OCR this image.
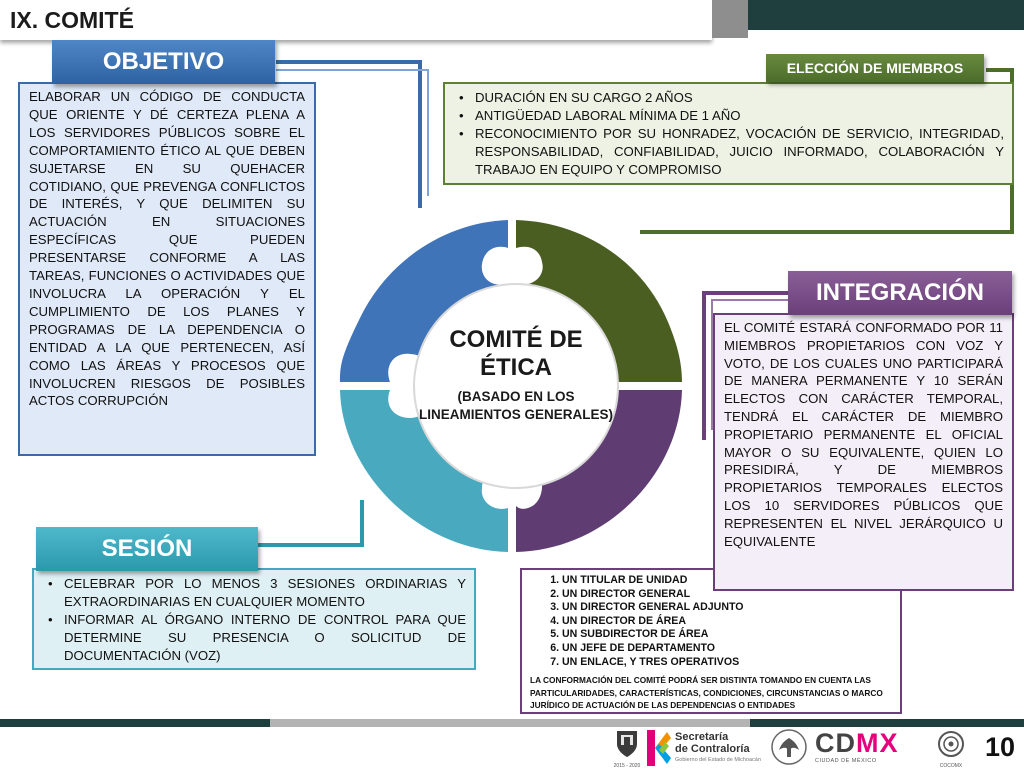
IX. COMITÉ
COMITÉ DE ÉTICA
(BASADO EN LOS LINEAMIENTOS GENERALES)
ELABORAR UN CÓDIGO DE CONDUCTA QUE ORIENTE Y DÉ CERTEZA PLENA A LOS SERVIDORES PÚBLICOS SOBRE EL COMPORTAMIENTO ÉTICO AL QUE DEBEN SUJETARSE EN SU QUEHACER COTIDIANO, QUE PREVENGA CONFLICTOS DE INTERÉS, Y QUE DELIMITEN SU ACTUACIÓN EN SITUACIONES ESPECÍFICAS QUE PUEDEN PRESENTARSE CONFORME A LAS TAREAS, FUNCIONES O ACTIVIDADES QUE INVOLUCRA LA OPERACIÓN Y EL CUMPLIMIENTO DE LOS PLANES Y PROGRAMAS DE LA DEPENDENCIA O ENTIDAD A LA QUE PERTENECEN, ASÍ COMO LAS ÁREAS Y PROCESOS QUE INVOLUCREN RIESGOS DE POSIBLES ACTOS CORRUPCIÓN
OBJETIVO
• DURACIÓN EN SU CARGO 2 AÑOS
• ANTIGÜEDAD LABORAL MÍNIMA DE 1 AÑO
• RECONOCIMIENTO POR SU HONRADEZ, VOCACIÓN DE SERVICIO, INTEGRIDAD, RESPONSABILIDAD, CONFIABILIDAD, JUICIO INFORMADO, COLABORACIÓN Y TRABAJO EN EQUIPO Y COMPROMISO
ELECCIÓN DE MIEMBROS
1. UN TITULAR DE UNIDAD
2. UN DIRECTOR GENERAL
3. UN DIRECTOR GENERAL ADJUNTO
4. UN DIRECTOR DE ÁREA
5. UN SUBDIRECTOR DE ÁREA
6. UN JEFE DE DEPARTAMENTO
7. UN ENLACE, Y TRES OPERATIVOS
LA CONFORMACIÓN DEL COMITÉ PODRÁ SER DISTINTA TOMANDO EN CUENTA LAS PARTICULARIDADES, CARACTERÍSTICAS, CONDICIONES, CIRCUNSTANCIAS O MARCO JURÍDICO DE ACTUACIÓN DE LAS DEPENDENCIAS O ENTIDADES
EL COMITÉ ESTARÁ CONFORMADO POR 11 MIEMBROS PROPIETARIOS CON VOZ Y VOTO, DE LOS CUALES UNO PARTICIPARÁ DE MANERA PERMANENTE Y 10 SERÁN ELECTOS CON CARÁCTER TEMPORAL, TENDRÁ EL CARÁCTER DE MIEMBRO PROPIETARIO PERMANENTE EL OFICIAL MAYOR O SU EQUIVALENTE, QUIEN LO PRESIDIRÁ, Y DE MIEMBROS PROPIETARIOS TEMPORALES ELECTOS LOS 10 SERVIDORES PÚBLICOS QUE REPRESENTEN EL NIVEL JERÁRQUICO U EQUIVALENTE
INTEGRACIÓN
• CELEBRAR POR LO MENOS 3 SESIONES ORDINARIAS Y EXTRAORDINARIAS EN CUALQUIER MOMENTO
• INFORMAR AL ÓRGANO INTERNO DE CONTROL PARA QUE DETERMINE SU PRESENCIA O SOLICITUD DE DOCUMENTACIÓN (VOZ)
SESIÓN
2015 - 2020
Secretaría
de Contraloría
Gobierno del Estado de Michoacán
CDMX
CIUDAD DE MÉXICO
COCOMX
10
